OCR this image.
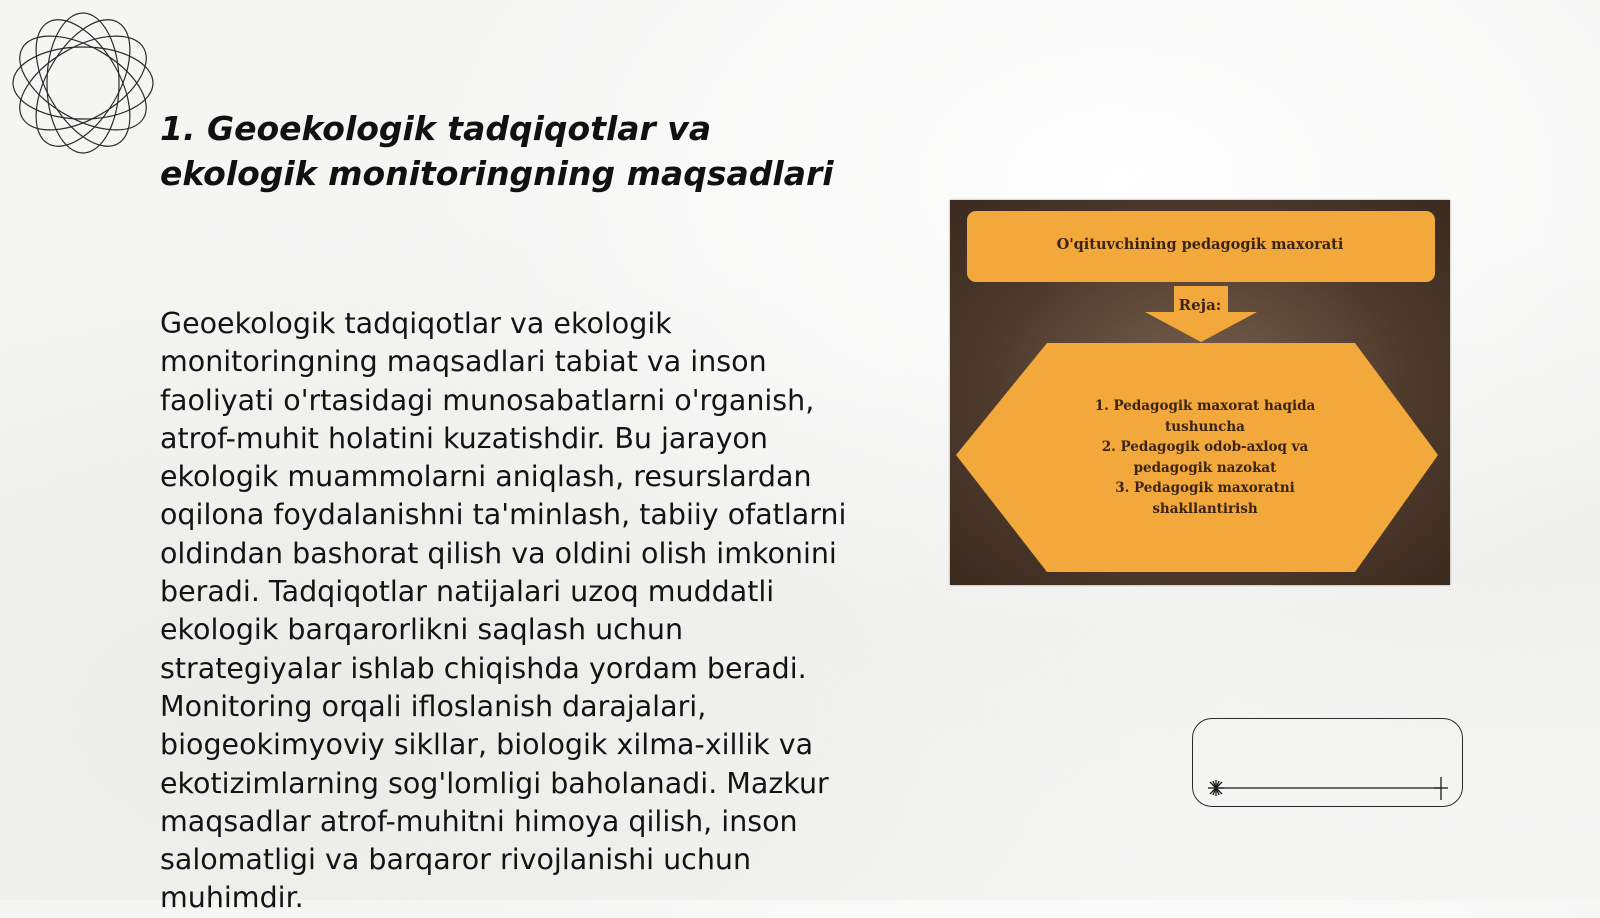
1. Geoekologik tadqiqotlar va
ekologik monitoringning maqsadlari

Geoekologik tadqiqotlar va ekologik monitoringning maqsadlari tabiat va inson faoliyati o'rtasidagi munosabatlarni o'rganish, atrof-muhit holatini kuzatishdir. Bu jarayon ekologik muammolarni aniqlash, resurslardan oqilona foydalanishni ta'minlash, tabiiy ofatlarni oldindan bashorat qilish va oldini olish imkonini beradi. Tadqiqotlar natijalari uzoq muddatli ekologik barqarorlikni saqlash uchun strategiyalar ishlab chiqishda yordam beradi. Monitoring orqali ifloslanish darajalari, biogeokimyoviy sikllar, biologik xilma-xillik va ekotizimlarning sog'lomligi baholanadi. Mazkur maqsadlar atrof-muhitni himoya qilish, inson salomatligi va barqaror rivojlanishi uchun muhimdir.

O'qituvchining pedagogik maxorati
Reja:
1. Pedagogik maxorat haqida
tushuncha
2. Pedagogik odob-axloq va
pedagogik nazokat
3. Pedagogik maxoratni
shakllantirish
